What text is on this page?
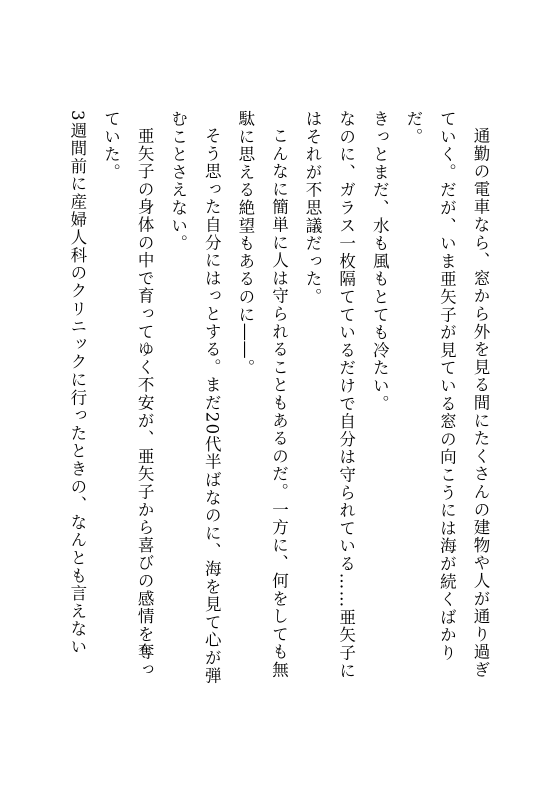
通勤の電車なら、窓から外を見る間にたくさんの建物や人が通り過ぎていく。だが、いま亜矢子が見ている窓の向こうには海が続くばかりだ。

きっとまだ、水も風もとても冷たい。

なのに、ガラス一枚隔てているだけで自分は守られている……亜矢子にはそれが不思議だった。

こんなに簡単に人は守られることもあるのだ。一方に、何をしても無駄に思える絶望もあるのに――。

そう思った自分にはっとする。まだ20代半ばなのに、海を見て心が弾むことさえない。

亜矢子の身体の中で育ってゆく不安が、亜矢子から喜びの感情を奪っていた。

3週間前に産婦人科のクリニックに行ったときの、なんとも言えない
